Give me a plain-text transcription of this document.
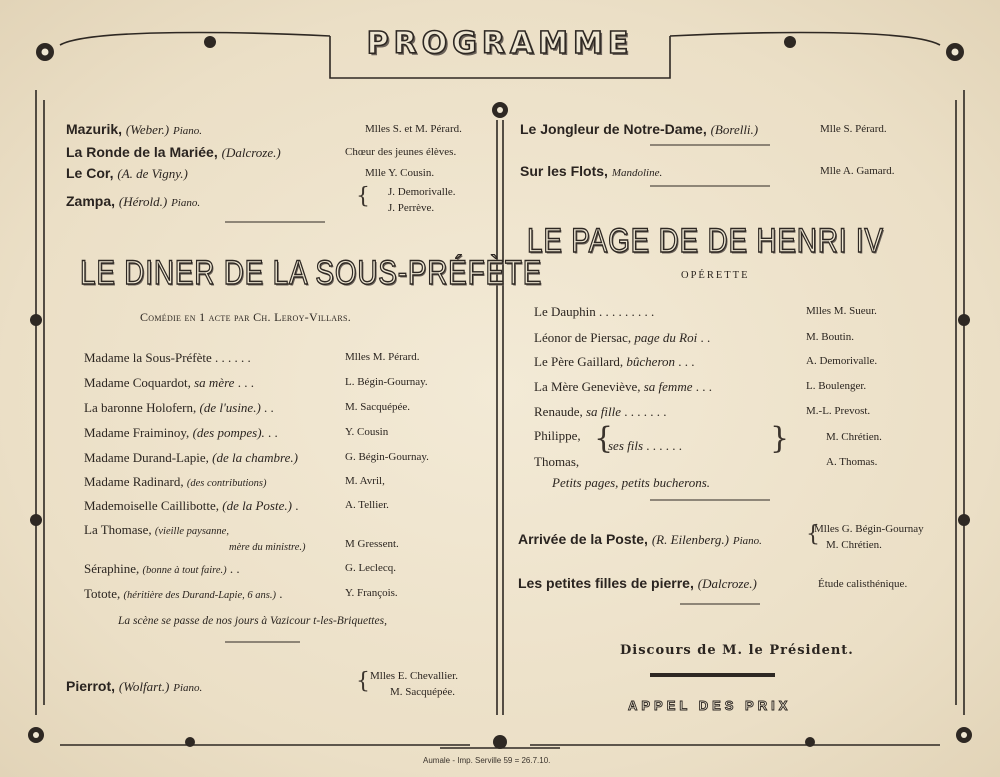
PROGRAMME
Mazurik, (Weber.) Piano.	Mlles S. et M. Pérard.
La Ronde de la Mariée, (Dalcroze.)	Chœur des jeunes élèves.
Le Cor, (A. de Vigny.)	Mlle Y. Cousin.
Zampa, (Hérold.) Piano.	{ J. Demorivalle.
J. Perrève.
LE DINER DE LA SOUS-PRÉFÈTE
Comédie en 1 acte par Ch. Leroy-Villars.
Madame la Sous-Préfète . . . . . .	Mlles M. Pérard.
Madame Coquardot, sa mère . . .	L. Bégin-Gournay.
La baronne Holofern, (de l'usine.) . .	M. Sacquépée.
Madame Fraiminoy, (des pompes). . .	Y. Cousin
Madame Durand-Lapie, (de la chambre.)	G. Bégin-Gournay.
Madame Radinard, (des contributions)	M. Avril,
Mademoiselle Caillibotte, (de la Poste.) .	A. Tellier.
La Thomase, (vieille paysanne,
mère du ministre.)	M Gressent.
Séraphine, (bonne à tout faire.) . .	G. Leclecq.
Totote, (héritière des Durand-Lapie, 6 ans.) .	Y. François.
La scène se passe de nos jours à Vazicour t-les-Briquettes,
Pierrot, (Wolfart.) Piano.	{ Mlles E. Chevallier.
M. Sacquépée.
Le Jongleur de Notre-Dame, (Borelli.)	Mlle S. Pérard.
Sur les Flots, Mandoline.	Mlle A. Gamard.
LE PAGE DE DE HENRI IV
OPÉRETTE
Le Dauphin . . . . . . . . .	Mlles M. Sueur.
Léonor de Piersac, page du Roi . .	M. Boutin.
Le Père Gaillard, bûcheron . . .	A. Demorivalle.
La Mère Geneviève, sa femme . . .	L. Boulenger.
Renaude, sa fille . . . . . . .	M.-L. Prevost.
Philippe,
Thomas,
{
ses fils . . . . . .	}	M. Chrétien.
A. Thomas.
Petits pages, petits bucherons.
Arrivée de la Poste, (R. Eilenberg.) Piano. {
Mlles G. Bégin-Gournay
M. Chrétien.
Les petites filles de pierre, (Dalcroze.)	Étude calisthénique.
Discours de M. le Président.
APPEL DES PRIX
Aumale - Imp. Serville 59 = 26.7.10.
